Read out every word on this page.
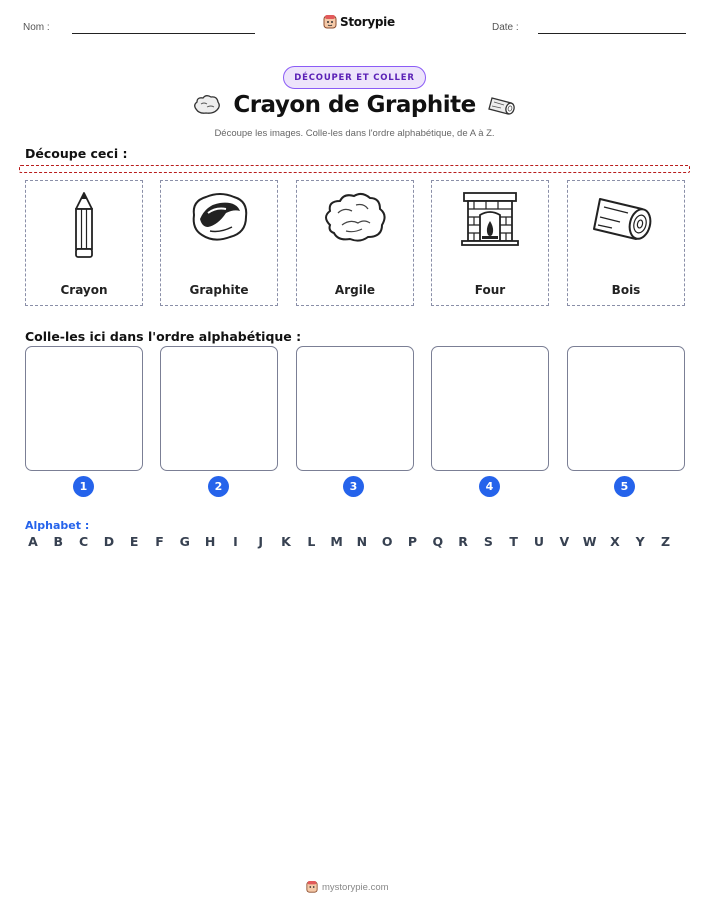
Nom :	Storypie	Date :
DÉCOUPER ET COLLER
Crayon de Graphite
Découpe les images. Colle-les dans l'ordre alphabétique, de A à Z.
Découpe ceci :
Crayon	Graphite	Argile	Four	Bois
Colle-les ici dans l'ordre alphabétique :
1	2	3	4	5
Alphabet :
A	B	C	D	E	F	G	H	I	J	K	L	M	N	O	P	Q	R	S	T	U	V	W	X	Y	Z
mystorypie.com
